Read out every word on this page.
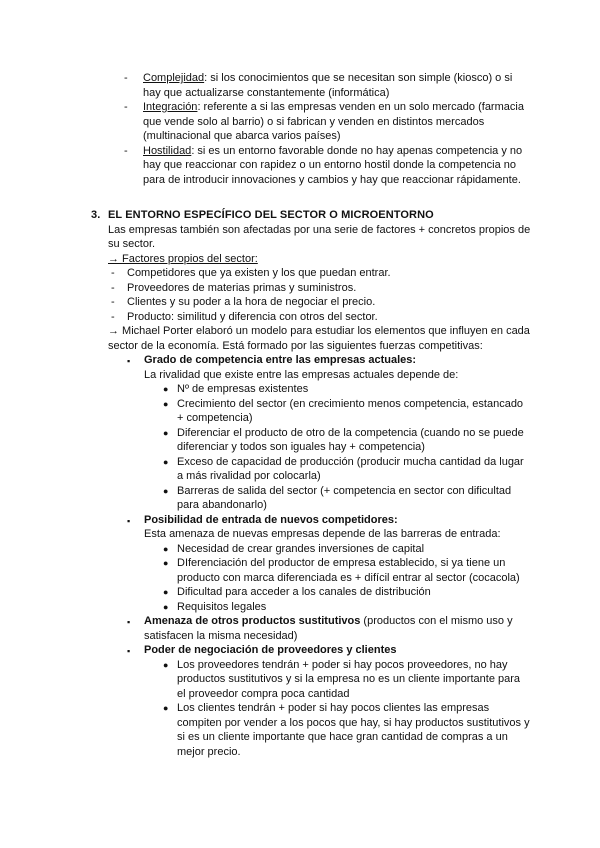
- Complejidad: si los conocimientos que se necesitan son simple (kiosco) o si hay que actualizarse constantemente (informática)
- Integración: referente a si las empresas venden en un solo mercado (farmacia que vende solo al barrio) o si fabrican y venden en distintos mercados (multinacional que abarca varios países)
- Hostilidad: si es un entorno favorable donde no hay apenas competencia y no hay que reaccionar con rapidez o un entorno hostil donde la competencia no para de introducir innovaciones y cambios y hay que reaccionar rápidamente.
3. EL ENTORNO ESPECÍFICO DEL SECTOR O MICROENTORNO
Las empresas también son afectadas por una serie de factores + concretos propios de su sector.
→ Factores propios del sector:
- Competidores que ya existen y los que puedan entrar.
- Proveedores de materias primas y suministros.
- Clientes y su poder a la hora de negociar el precio.
- Producto: similitud y diferencia con otros del sector.
→ Michael Porter elaboró un modelo para estudiar los elementos que influyen en cada sector de la economía. Está formado por las siguientes fuerzas competitivas:
▪ Grado de competencia entre las empresas actuales:
La rivalidad que existe entre las empresas actuales depende de:
● Nº de empresas existentes
● Crecimiento del sector (en crecimiento menos competencia, estancado + competencia)
● Diferenciar el producto de otro de la competencia (cuando no se puede diferenciar y todos son iguales hay + competencia)
● Exceso de capacidad de producción (producir mucha cantidad da lugar a más rivalidad por colocarla)
● Barreras de salida del sector (+ competencia en sector con dificultad para abandonarlo)
▪ Posibilidad de entrada de nuevos competidores:
Esta amenaza de nuevas empresas depende de las barreras de entrada:
● Necesidad de crear grandes inversiones de capital
● DIferenciación del productor de empresa establecido, si ya tiene un producto con marca diferenciada es + difícil entrar al sector (cocacola)
● Dificultad para acceder a los canales de distribución
● Requisitos legales
▪ Amenaza de otros productos sustitutivos (productos con el mismo uso y satisfacen la misma necesidad)
▪ Poder de negociación de proveedores y clientes
● Los proveedores tendrán + poder si hay pocos proveedores, no hay productos sustitutivos y si la empresa no es un cliente importante para el proveedor compra poca cantidad
● Los clientes tendrán + poder si hay pocos clientes las empresas compiten por vender a los pocos que hay, si hay productos sustitutivos y si es un cliente importante que hace gran cantidad de compras a un mejor precio.
